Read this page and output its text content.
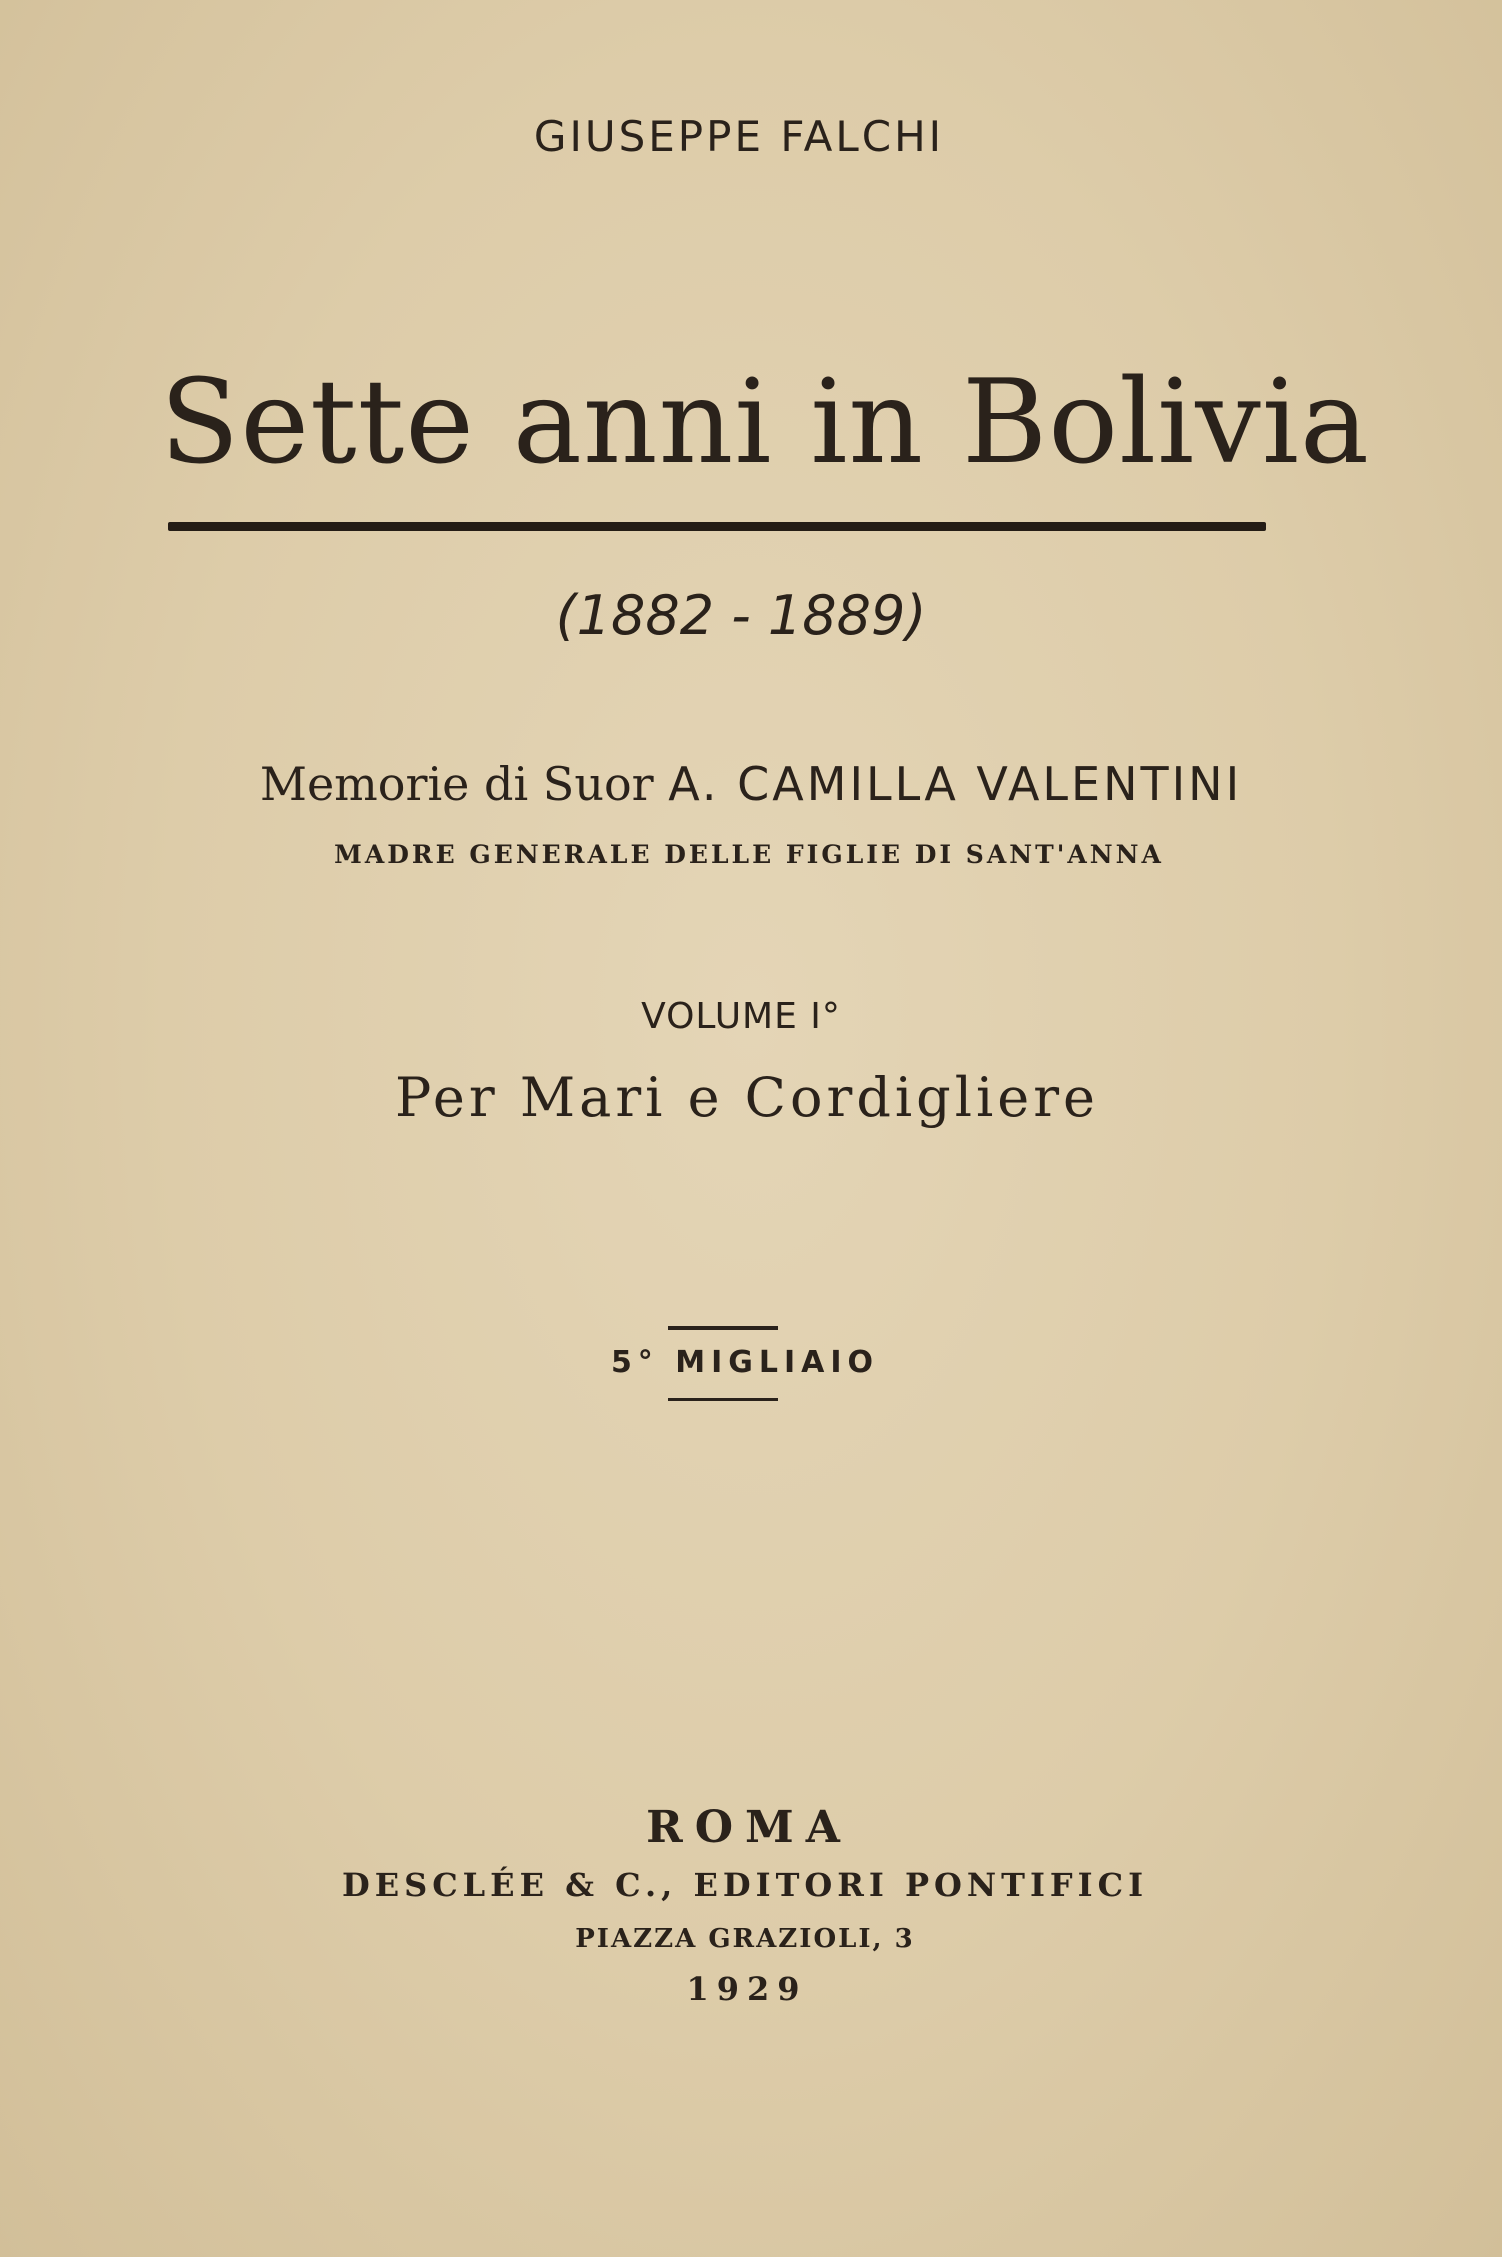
GIUSEPPE FALCHI
Sette anni in Bolivia
(1882 - 1889)
Memorie di Suor A. CAMILLA VALENTINI
MADRE GENERALE DELLE FIGLIE DI SANT'ANNA
VOLUME I°
Per Mari e Cordigliere
5° MIGLIAIO
ROMA
DESCLÉE & C., EDITORI PONTIFICI
PIAZZA GRAZIOLI, 3
1929
